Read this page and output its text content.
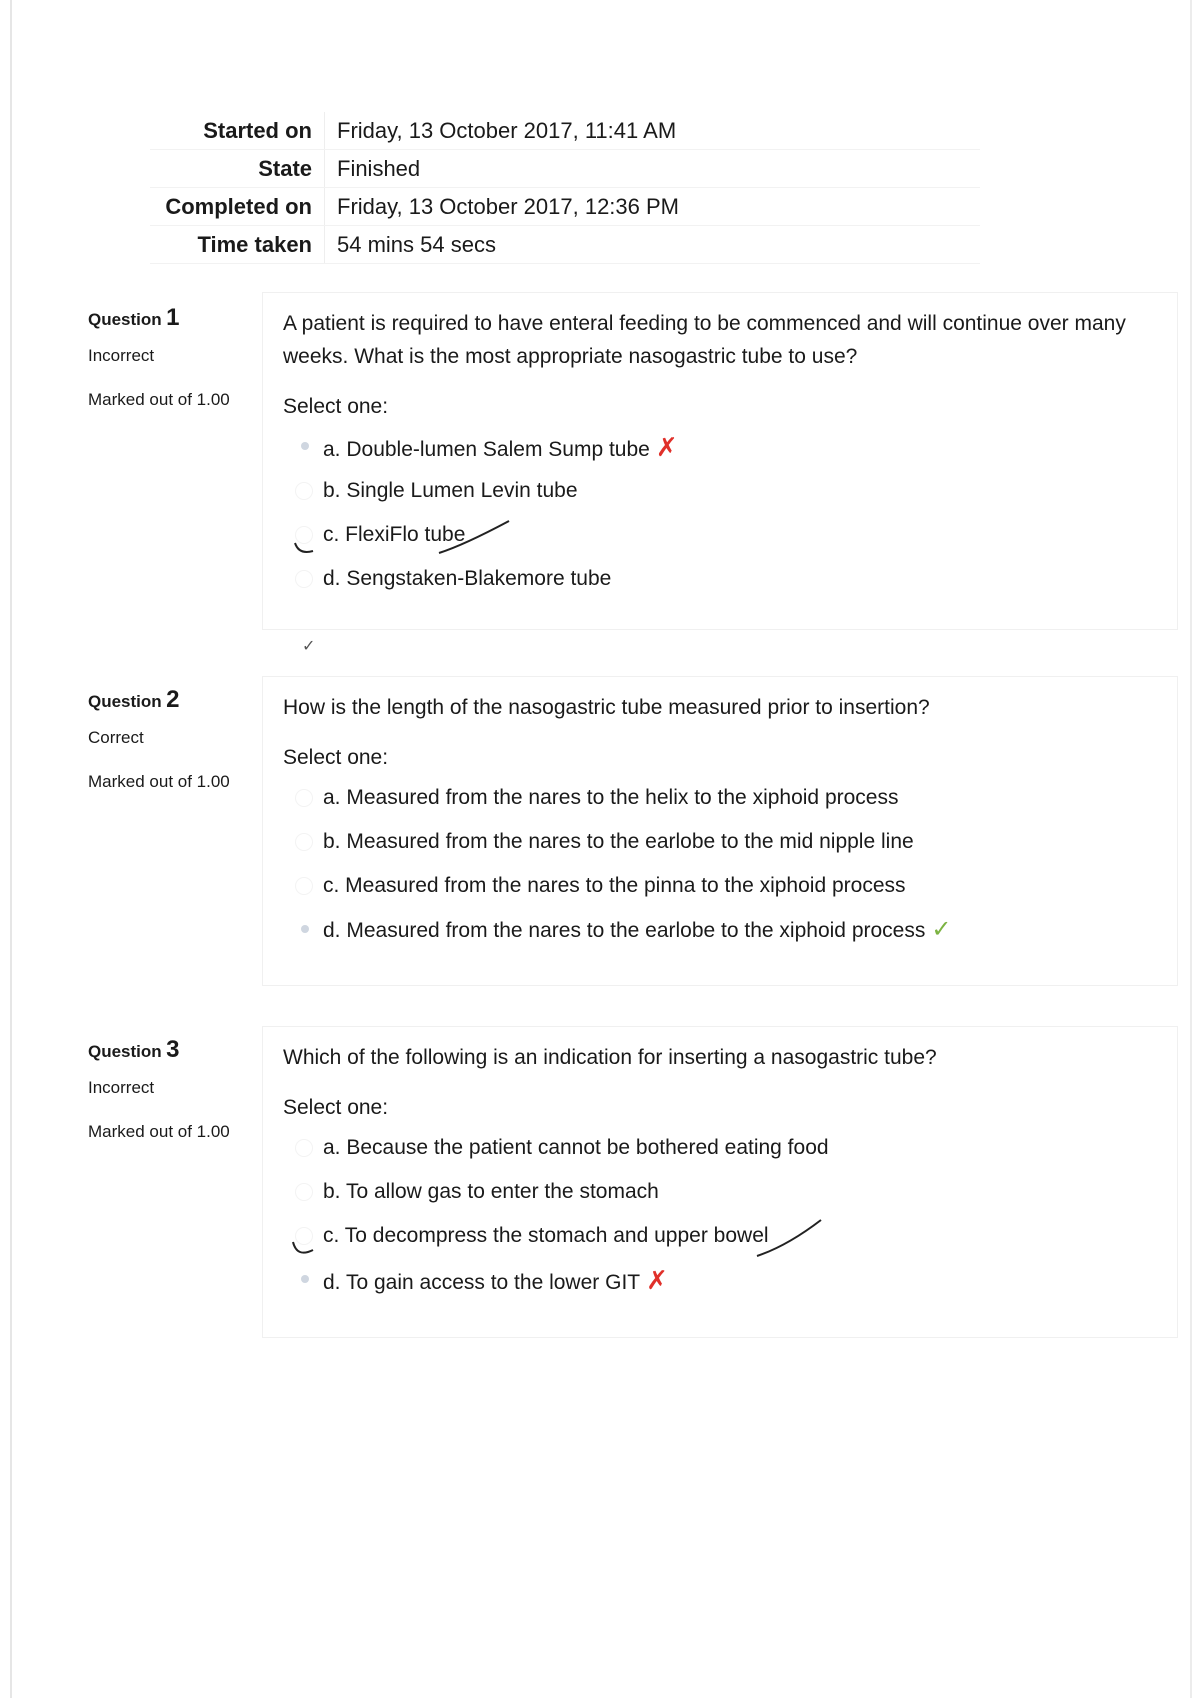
Started on	Friday, 13 October 2017, 11:41 AM
State	Finished
Completed on	Friday, 13 October 2017, 12:36 PM
Time taken	54 mins 54 secs
Question 1
Incorrect
Marked out of 1.00
A patient is required to have enteral feeding to be commenced and will continue over many weeks. What is the most appropriate nasogastric tube to use?
Select one:
a. Double-lumen Salem Sump tube ✗
b. Single Lumen Levin tube
c. FlexiFlo tube
d. Sengstaken-Blakemore tube
✓
Question 2
Correct
Marked out of 1.00
How is the length of the nasogastric tube measured prior to insertion?
Select one:
a. Measured from the nares to the helix to the xiphoid process
b. Measured from the nares to the earlobe to the mid nipple line
c. Measured from the nares to the pinna to the xiphoid process
d. Measured from the nares to the earlobe to the xiphoid process ✓
Question 3
Incorrect
Marked out of 1.00
Which of the following is an indication for inserting a nasogastric tube?
Select one:
a. Because the patient cannot be bothered eating food
b. To allow gas to enter the stomach
c. To decompress the stomach and upper bowel
d. To gain access to the lower GIT ✗
